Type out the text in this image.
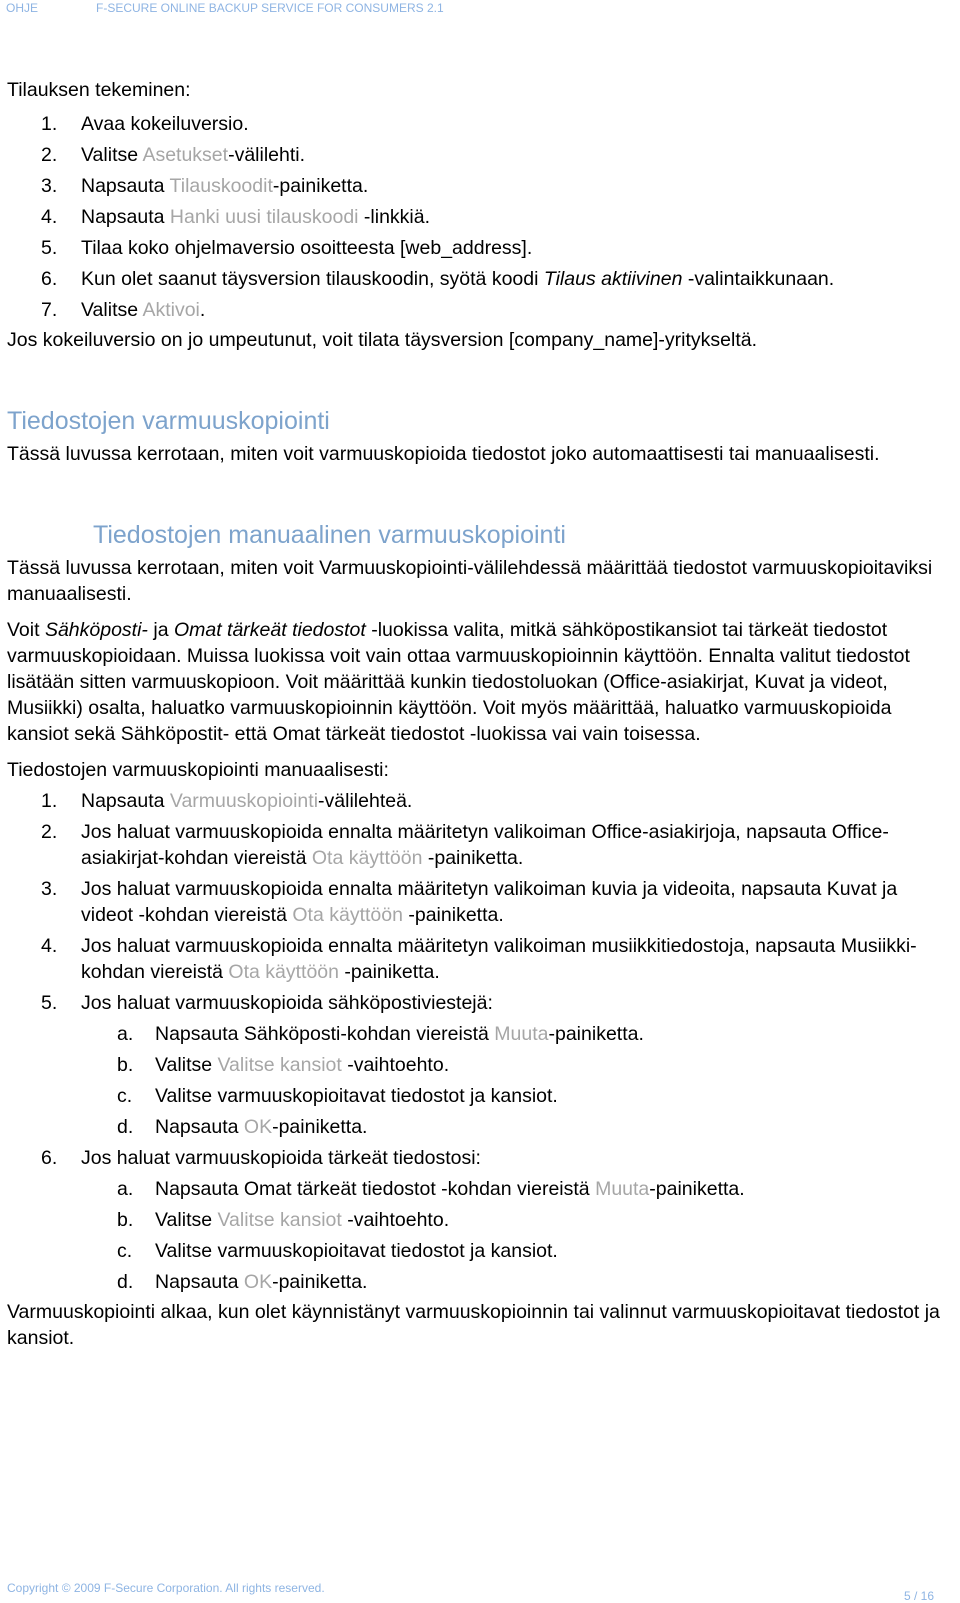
OHJE	F-SECURE ONLINE BACKUP SERVICE FOR CONSUMERS 2.1

Tilauksen tekeminen:

1. Avaa kokeiluversio.
2. Valitse Asetukset-välilehti.
3. Napsauta Tilauskoodit-painiketta.
4. Napsauta Hanki uusi tilauskoodi -linkkiä.
5. Tilaa koko ohjelmaversio osoitteesta [web_address].
6. Kun olet saanut täysversion tilauskoodin, syötä koodi Tilaus aktiivinen -valintaikkunaan.
7. Valitse Aktivoi.

Jos kokeiluversio on jo umpeutunut, voit tilata täysversion [company_name]-yritykseltä.

Tiedostojen varmuuskopiointi

Tässä luvussa kerrotaan, miten voit varmuuskopioida tiedostot joko automaattisesti tai manuaalisesti.

Tiedostojen manuaalinen varmuuskopiointi

Tässä luvussa kerrotaan, miten voit Varmuuskopiointi-välilehdessä määrittää tiedostot varmuuskopioitaviksi manuaalisesti.

Voit Sähköposti- ja Omat tärkeät tiedostot -luokissa valita, mitkä sähköpostikansiot tai tärkeät tiedostot varmuuskopioidaan. Muissa luokissa voit vain ottaa varmuuskopioinnin käyttöön. Ennalta valitut tiedostot lisätään sitten varmuuskopioon. Voit määrittää kunkin tiedostoluokan (Office-asiakirjat, Kuvat ja videot, Musiikki) osalta, haluatko varmuuskopioinnin käyttöön. Voit myös määrittää, haluatko varmuuskopioida kansiot sekä Sähköpostit- että Omat tärkeät tiedostot -luokissa vai vain toisessa.

Tiedostojen varmuuskopiointi manuaalisesti:

1. Napsauta Varmuuskopiointi-välilehteä.
2. Jos haluat varmuuskopioida ennalta määritetyn valikoiman Office-asiakirjoja, napsauta Office-asiakirjat-kohdan viereistä Ota käyttöön -painiketta.
3. Jos haluat varmuuskopioida ennalta määritetyn valikoiman kuvia ja videoita, napsauta Kuvat ja videot -kohdan viereistä Ota käyttöön -painiketta.
4. Jos haluat varmuuskopioida ennalta määritetyn valikoiman musiikkitiedostoja, napsauta Musiikki-kohdan viereistä Ota käyttöön -painiketta.
5. Jos haluat varmuuskopioida sähköpostiviestejä:
a. Napsauta Sähköposti-kohdan viereistä Muuta-painiketta.
b. Valitse Valitse kansiot -vaihtoehto.
c. Valitse varmuuskopioitavat tiedostot ja kansiot.
d. Napsauta OK-painiketta.
6. Jos haluat varmuuskopioida tärkeät tiedostosi:
a. Napsauta Omat tärkeät tiedostot -kohdan viereistä Muuta-painiketta.
b. Valitse Valitse kansiot -vaihtoehto.
c. Valitse varmuuskopioitavat tiedostot ja kansiot.
d. Napsauta OK-painiketta.

Varmuuskopiointi alkaa, kun olet käynnistänyt varmuuskopioinnin tai valinnut varmuuskopioitavat tiedostot ja kansiot.

Copyright © 2009 F-Secure Corporation. All rights reserved.
5 / 16
